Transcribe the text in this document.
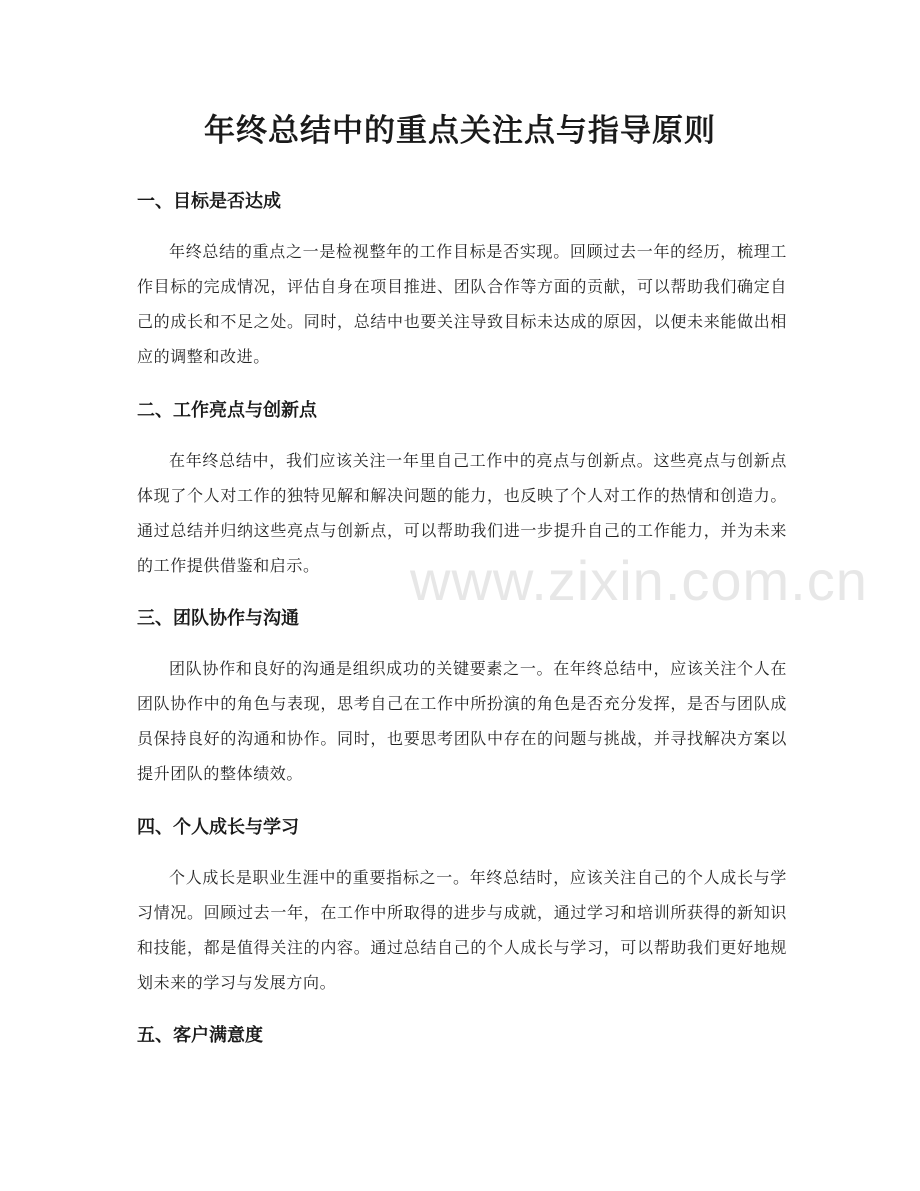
年终总结中的重点关注点与指导原则
一、目标是否达成

年终总结的重点之一是检视整年的工作目标是否实现。回顾过去一年的经历，梳理工作目标的完成情况，评估自身在项目推进、团队合作等方面的贡献，可以帮助我们确定自己的成长和不足之处。同时，总结中也要关注导致目标未达成的原因，以便未来能做出相应的调整和改进。

二、工作亮点与创新点

在年终总结中，我们应该关注一年里自己工作中的亮点与创新点。这些亮点与创新点体现了个人对工作的独特见解和解决问题的能力，也反映了个人对工作的热情和创造力。通过总结并归纳这些亮点与创新点，可以帮助我们进一步提升自己的工作能力，并为未来的工作提供借鉴和启示。

三、团队协作与沟通

团队协作和良好的沟通是组织成功的关键要素之一。在年终总结中，应该关注个人在团队协作中的角色与表现，思考自己在工作中所扮演的角色是否充分发挥，是否与团队成员保持良好的沟通和协作。同时，也要思考团队中存在的问题与挑战，并寻找解决方案以提升团队的整体绩效。

四、个人成长与学习

个人成长是职业生涯中的重要指标之一。年终总结时，应该关注自己的个人成长与学习情况。回顾过去一年，在工作中所取得的进步与成就，通过学习和培训所获得的新知识和技能，都是值得关注的内容。通过总结自己的个人成长与学习，可以帮助我们更好地规划未来的学习与发展方向。

五、客户满意度
www.zixin.com.cn
